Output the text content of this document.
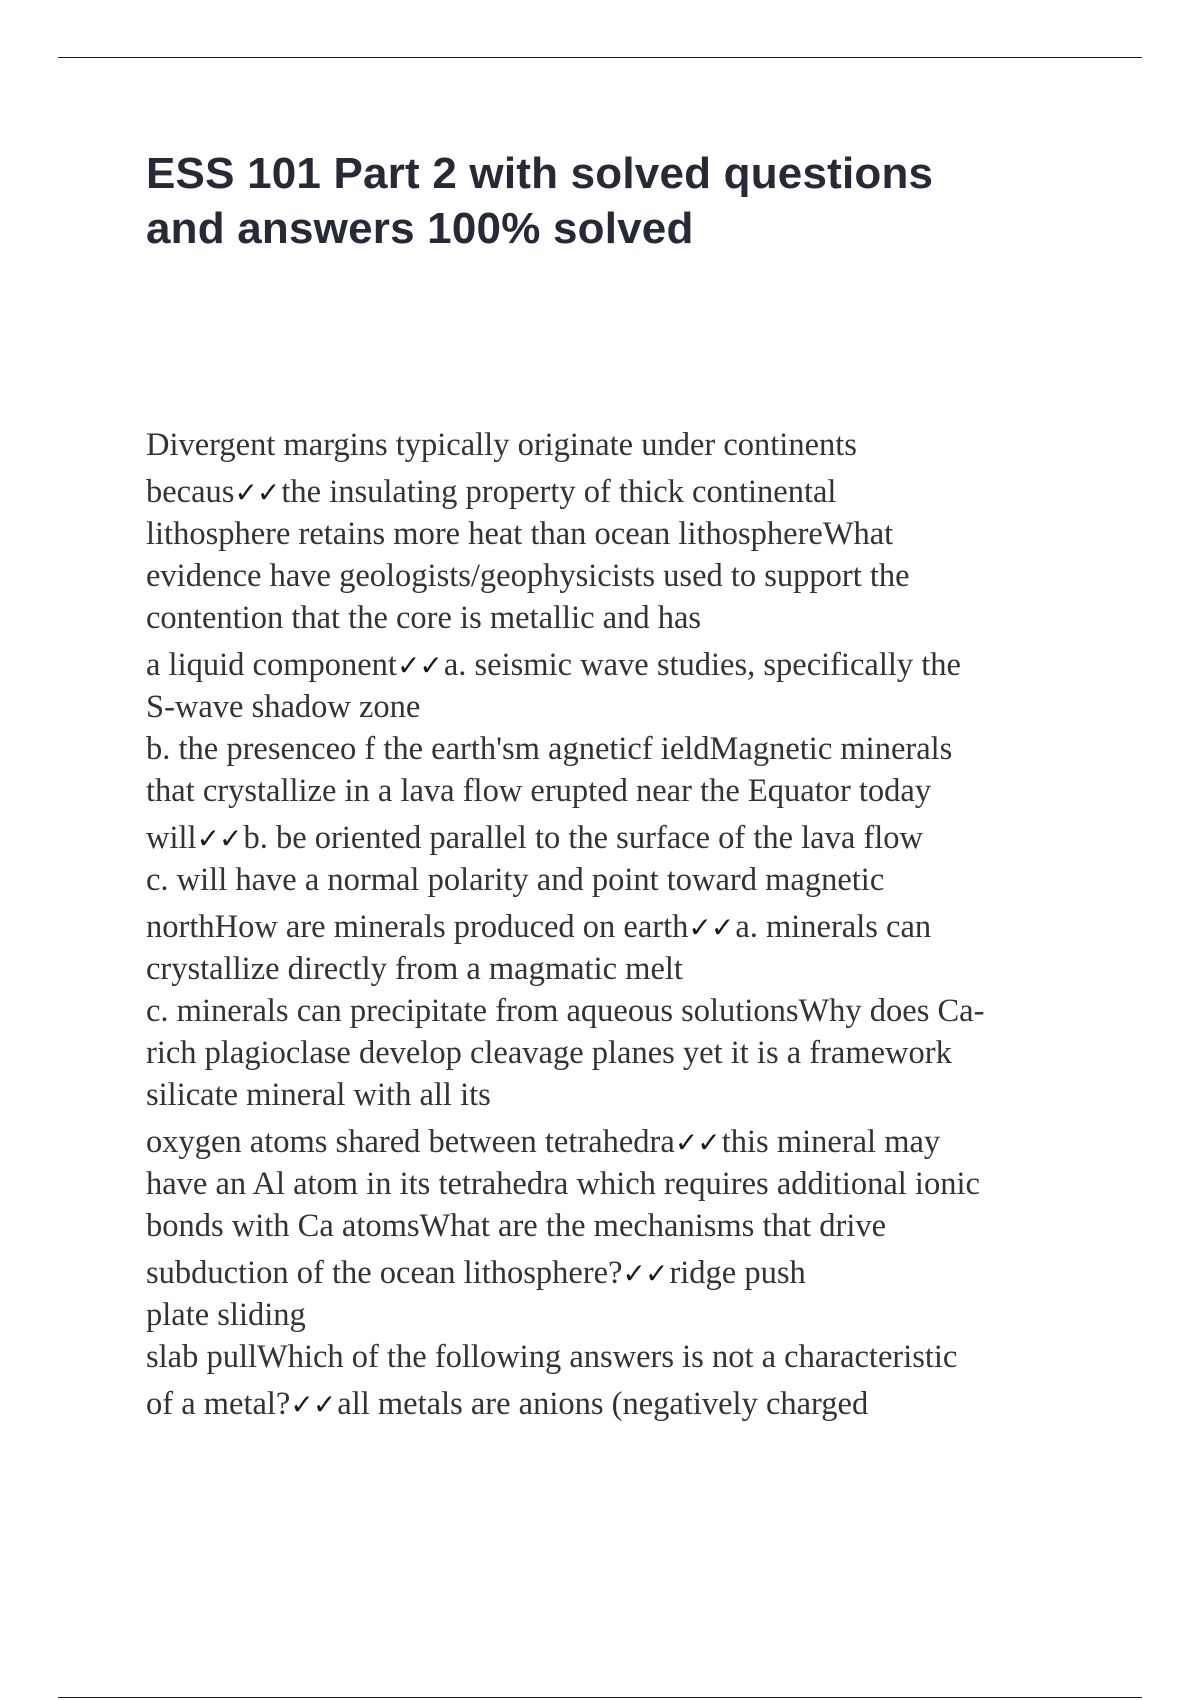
ESS 101 Part 2 with solved questions
and answers 100% solved
Divergent margins typically originate under continents
becaus✓✓the insulating property of thick continental
lithosphere retains more heat than ocean lithosphereWhat
evidence have geologists/geophysicists used to support the
contention that the core is metallic and has
a liquid component✓✓a. seismic wave studies, specifically the
S-wave shadow zone
b. the presenceo f the earth'sm agneticf ieldMagnetic minerals
that crystallize in a lava flow erupted near the Equator today
will✓✓b. be oriented parallel to the surface of the lava flow
c. will have a normal polarity and point toward magnetic
northHow are minerals produced on earth✓✓a. minerals can
crystallize directly from a magmatic melt
c. minerals can precipitate from aqueous solutionsWhy does Ca-
rich plagioclase develop cleavage planes yet it is a framework
silicate mineral with all its
oxygen atoms shared between tetrahedra✓✓this mineral may
have an Al atom in its tetrahedra which requires additional ionic
bonds with Ca atomsWhat are the mechanisms that drive
subduction of the ocean lithosphere?✓✓ridge push
plate sliding
slab pullWhich of the following answers is not a characteristic
of a metal?✓✓all metals are anions (negatively charged
